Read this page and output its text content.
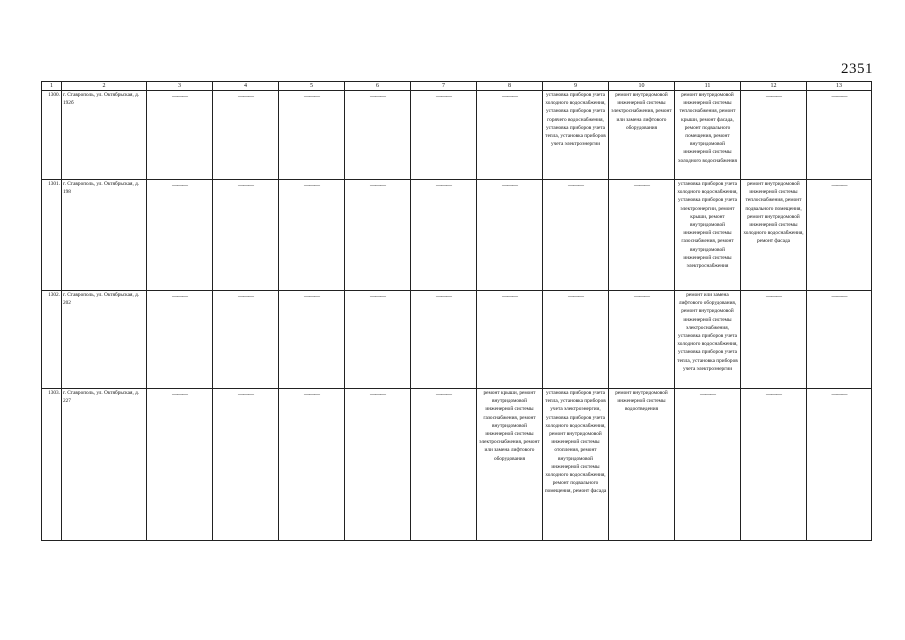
2351
1	2	3	4	5	6	7	8	9	10	11	12	13
1300.	г. Ставрополь, ул. Октябрьская, д. 192б	———	———	———	———	———	———	установка приборов учета холодного водоснабжения, установка приборов учета горячего водоснабжения, установка приборов учета тепла, установка приборов учета электроэнергии	ремонт внутридомовой инженерной системы электроснабжения, ремонт или замена лифтового оборудования	ремонт внутридомовой инженерной системы теплоснабжения, ремонт крыши, ремонт фасада, ремонт подвального помещения, ремонт внутридомовой инженерной системы холодного водоснабжения	———	———

1301.	г. Ставрополь, ул. Октябрьская, д. 198	———	———	———	———	———	———	———	———	установка приборов учета холодного водоснабжения, установка приборов учета электроэнергии, ремонт крыши, ремонт внутридомовой инженерной системы газоснабжения, ремонт внутридомовой инженерной системы электроснабжения	ремонт внутридомовой инженерной системы теплоснабжения, ремонт подвального помещения, ремонт внутридомовой инженерной системы холодного водоснабжения, ремонт фасада	———

1302.	г. Ставрополь, ул. Октябрьская, д. 202	———	———	———	———	———	———	———	———	ремонт или замена лифтового оборудования, ремонт внутридомовой инженерной системы электроснабжения, установка приборов учета холодного водоснабжения, установка приборов учета тепла, установка приборов учета электроэнергии	———	———

1303.	г. Ставрополь, ул. Октябрьская, д. 227	———	———	———	———	———	ремонт крыши, ремонт внутридомовой инженерной системы газоснабжения, ремонт внутридомовой инженерной системы электроснабжения, ремонт или замена лифтового оборудования	установка приборов учета тепла, установка приборов учета электроэнергии, установка приборов учета холодного водоснабжения, ремонт внутридомовой инженерной системы отопления, ремонт внутридомовой инженерной системы холодного водоснабжения, ремонт подвального помещения, ремонт фасада	ремонт внутридомовой инженерной системы водоотведения	———	———	———
